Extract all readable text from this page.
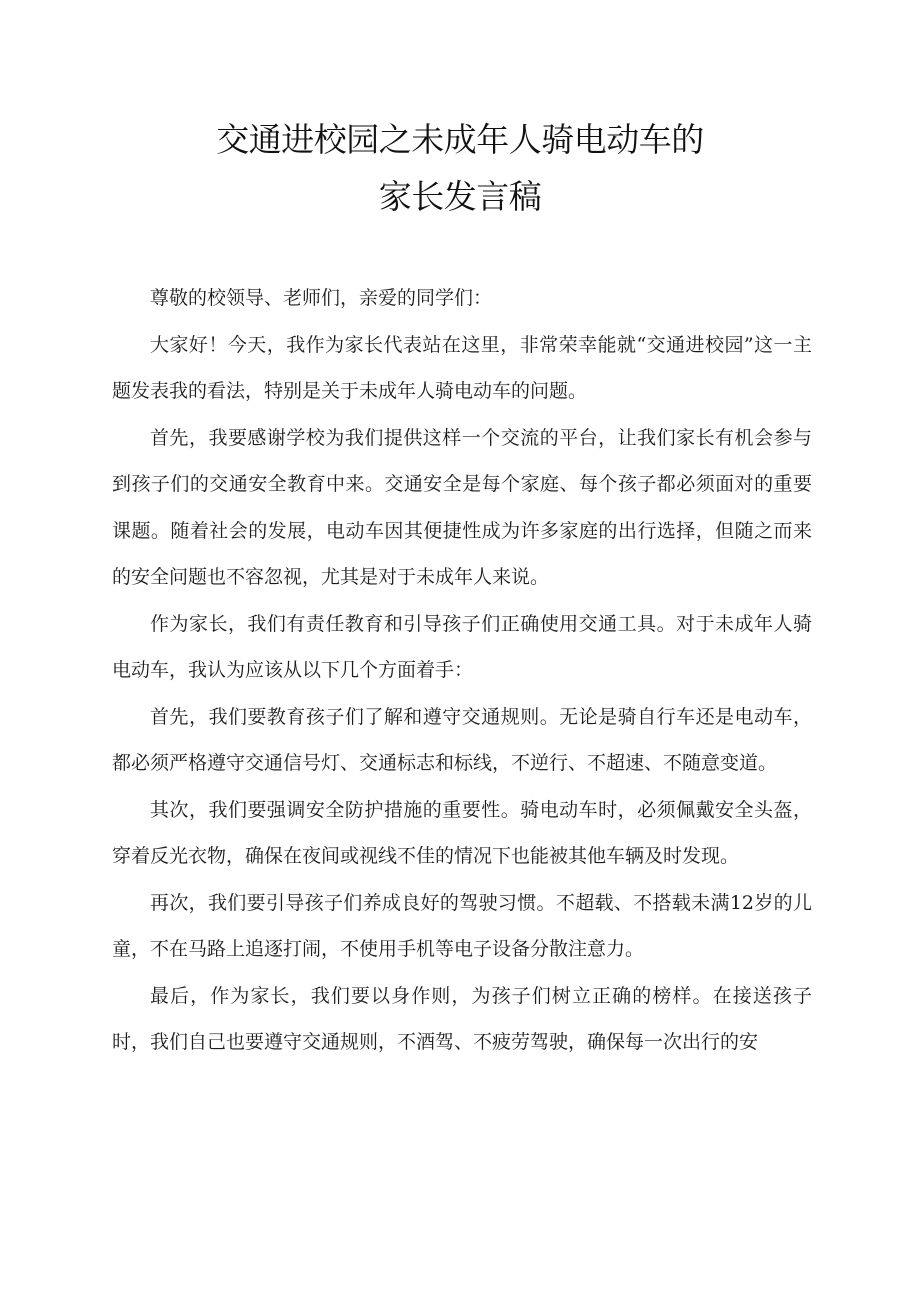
交通进校园之未成年人骑电动车的
家长发言稿

尊敬的校领导、老师们，亲爱的同学们：

大家好！今天，我作为家长代表站在这里，非常荣幸能就“交通进校园”这一主题发表我的看法，特别是关于未成年人骑电动车的问题。

首先，我要感谢学校为我们提供这样一个交流的平台，让我们家长有机会参与到孩子们的交通安全教育中来。交通安全是每个家庭、每个孩子都必须面对的重要课题。随着社会的发展，电动车因其便捷性成为许多家庭的出行选择，但随之而来的安全问题也不容忽视，尤其是对于未成年人来说。

作为家长，我们有责任教育和引导孩子们正确使用交通工具。对于未成年人骑电动车，我认为应该从以下几个方面着手：

首先，我们要教育孩子们了解和遵守交通规则。无论是骑自行车还是电动车，都必须严格遵守交通信号灯、交通标志和标线，不逆行、不超速、不随意变道。

其次，我们要强调安全防护措施的重要性。骑电动车时，必须佩戴安全头盔，穿着反光衣物，确保在夜间或视线不佳的情况下也能被其他车辆及时发现。

再次，我们要引导孩子们养成良好的驾驶习惯。不超载、不搭载未满12岁的儿童，不在马路上追逐打闹，不使用手机等电子设备分散注意力。

最后，作为家长，我们要以身作则，为孩子们树立正确的榜样。在接送孩子时，我们自己也要遵守交通规则，不酒驾、不疲劳驾驶，确保每一次出行的安
